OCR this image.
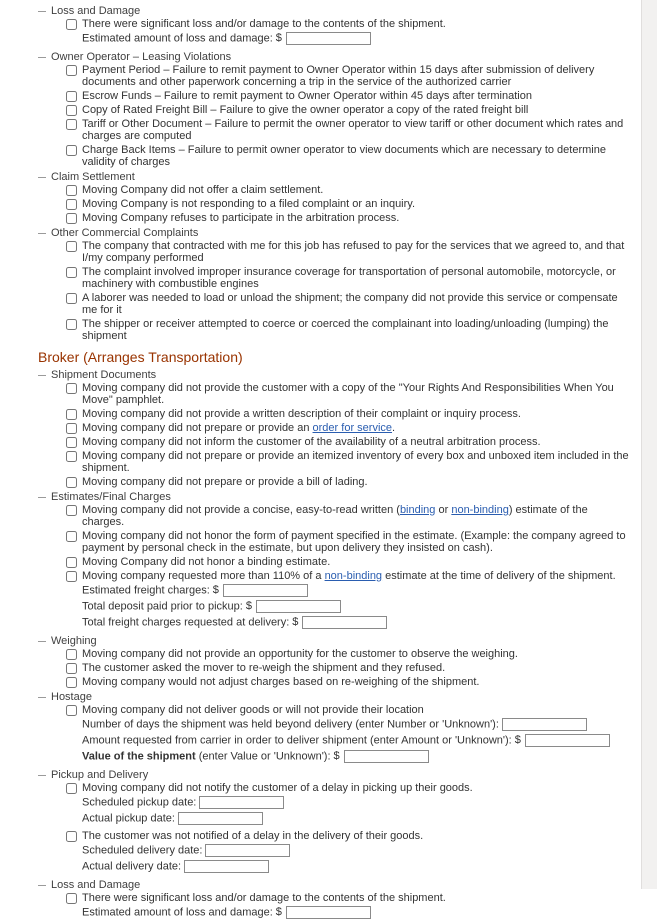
Loss and Damage
There were significant loss and/or damage to the contents of the shipment.
Estimated amount of loss and damage: $
Owner Operator – Leasing Violations
Payment Period – Failure to remit payment to Owner Operator within 15 days after submission of delivery documents and other paperwork concerning a trip in the service of the authorized carrier
Escrow Funds – Failure to remit payment to Owner Operator within 45 days after termination
Copy of Rated Freight Bill – Failure to give the owner operator a copy of the rated freight bill
Tariff or Other Document – Failure to permit the owner operator to view tariff or other document which rates and charges are computed
Charge Back Items – Failure to permit owner operator to view documents which are necessary to determine validity of charges
Claim Settlement
Moving Company did not offer a claim settlement.
Moving Company is not responding to a filed complaint or an inquiry.
Moving Company refuses to participate in the arbitration process.
Other Commercial Complaints
The company that contracted with me for this job has refused to pay for the services that we agreed to, and that I/my company performed
The complaint involved improper insurance coverage for transportation of personal automobile, motorcycle, or machinery with combustible engines
A laborer was needed to load or unload the shipment; the company did not provide this service or compensate me for it
The shipper or receiver attempted to coerce or coerced the complainant into loading/unloading (lumping) the shipment
Broker (Arranges Transportation)
Shipment Documents
Moving company did not provide the customer with a copy of the "Your Rights And Responsibilities When You Move" pamphlet.
Moving company did not provide a written description of their complaint or inquiry process.
Moving company did not prepare or provide an order for service.
Moving company did not inform the customer of the availability of a neutral arbitration process.
Moving company did not prepare or provide an itemized inventory of every box and unboxed item included in the shipment.
Moving company did not prepare or provide a bill of lading.
Estimates/Final Charges
Moving company did not provide a concise, easy-to-read written (binding or non-binding) estimate of the charges.
Moving company did not honor the form of payment specified in the estimate. (Example: the company agreed to payment by personal check in the estimate, but upon delivery they insisted on cash).
Moving Company did not honor a binding estimate.
Moving company requested more than 110% of a non-binding estimate at the time of delivery of the shipment.
Estimated freight charges: $
Total deposit paid prior to pickup: $
Total freight charges requested at delivery: $
Weighing
Moving company did not provide an opportunity for the customer to observe the weighing.
The customer asked the mover to re-weigh the shipment and they refused.
Moving company would not adjust charges based on re-weighing of the shipment.
Hostage
Moving company did not deliver goods or will not provide their location
Number of days the shipment was held beyond delivery (enter Number or 'Unknown'):
Amount requested from carrier in order to deliver shipment (enter Amount or 'Unknown'): $
Value of the shipment (enter Value or 'Unknown'): $
Pickup and Delivery
Moving company did not notify the customer of a delay in picking up their goods.
Scheduled pickup date:
Actual pickup date:
The customer was not notified of a delay in the delivery of their goods.
Scheduled delivery date:
Actual delivery date:
Loss and Damage
There were significant loss and/or damage to the contents of the shipment.
Estimated amount of loss and damage: $
